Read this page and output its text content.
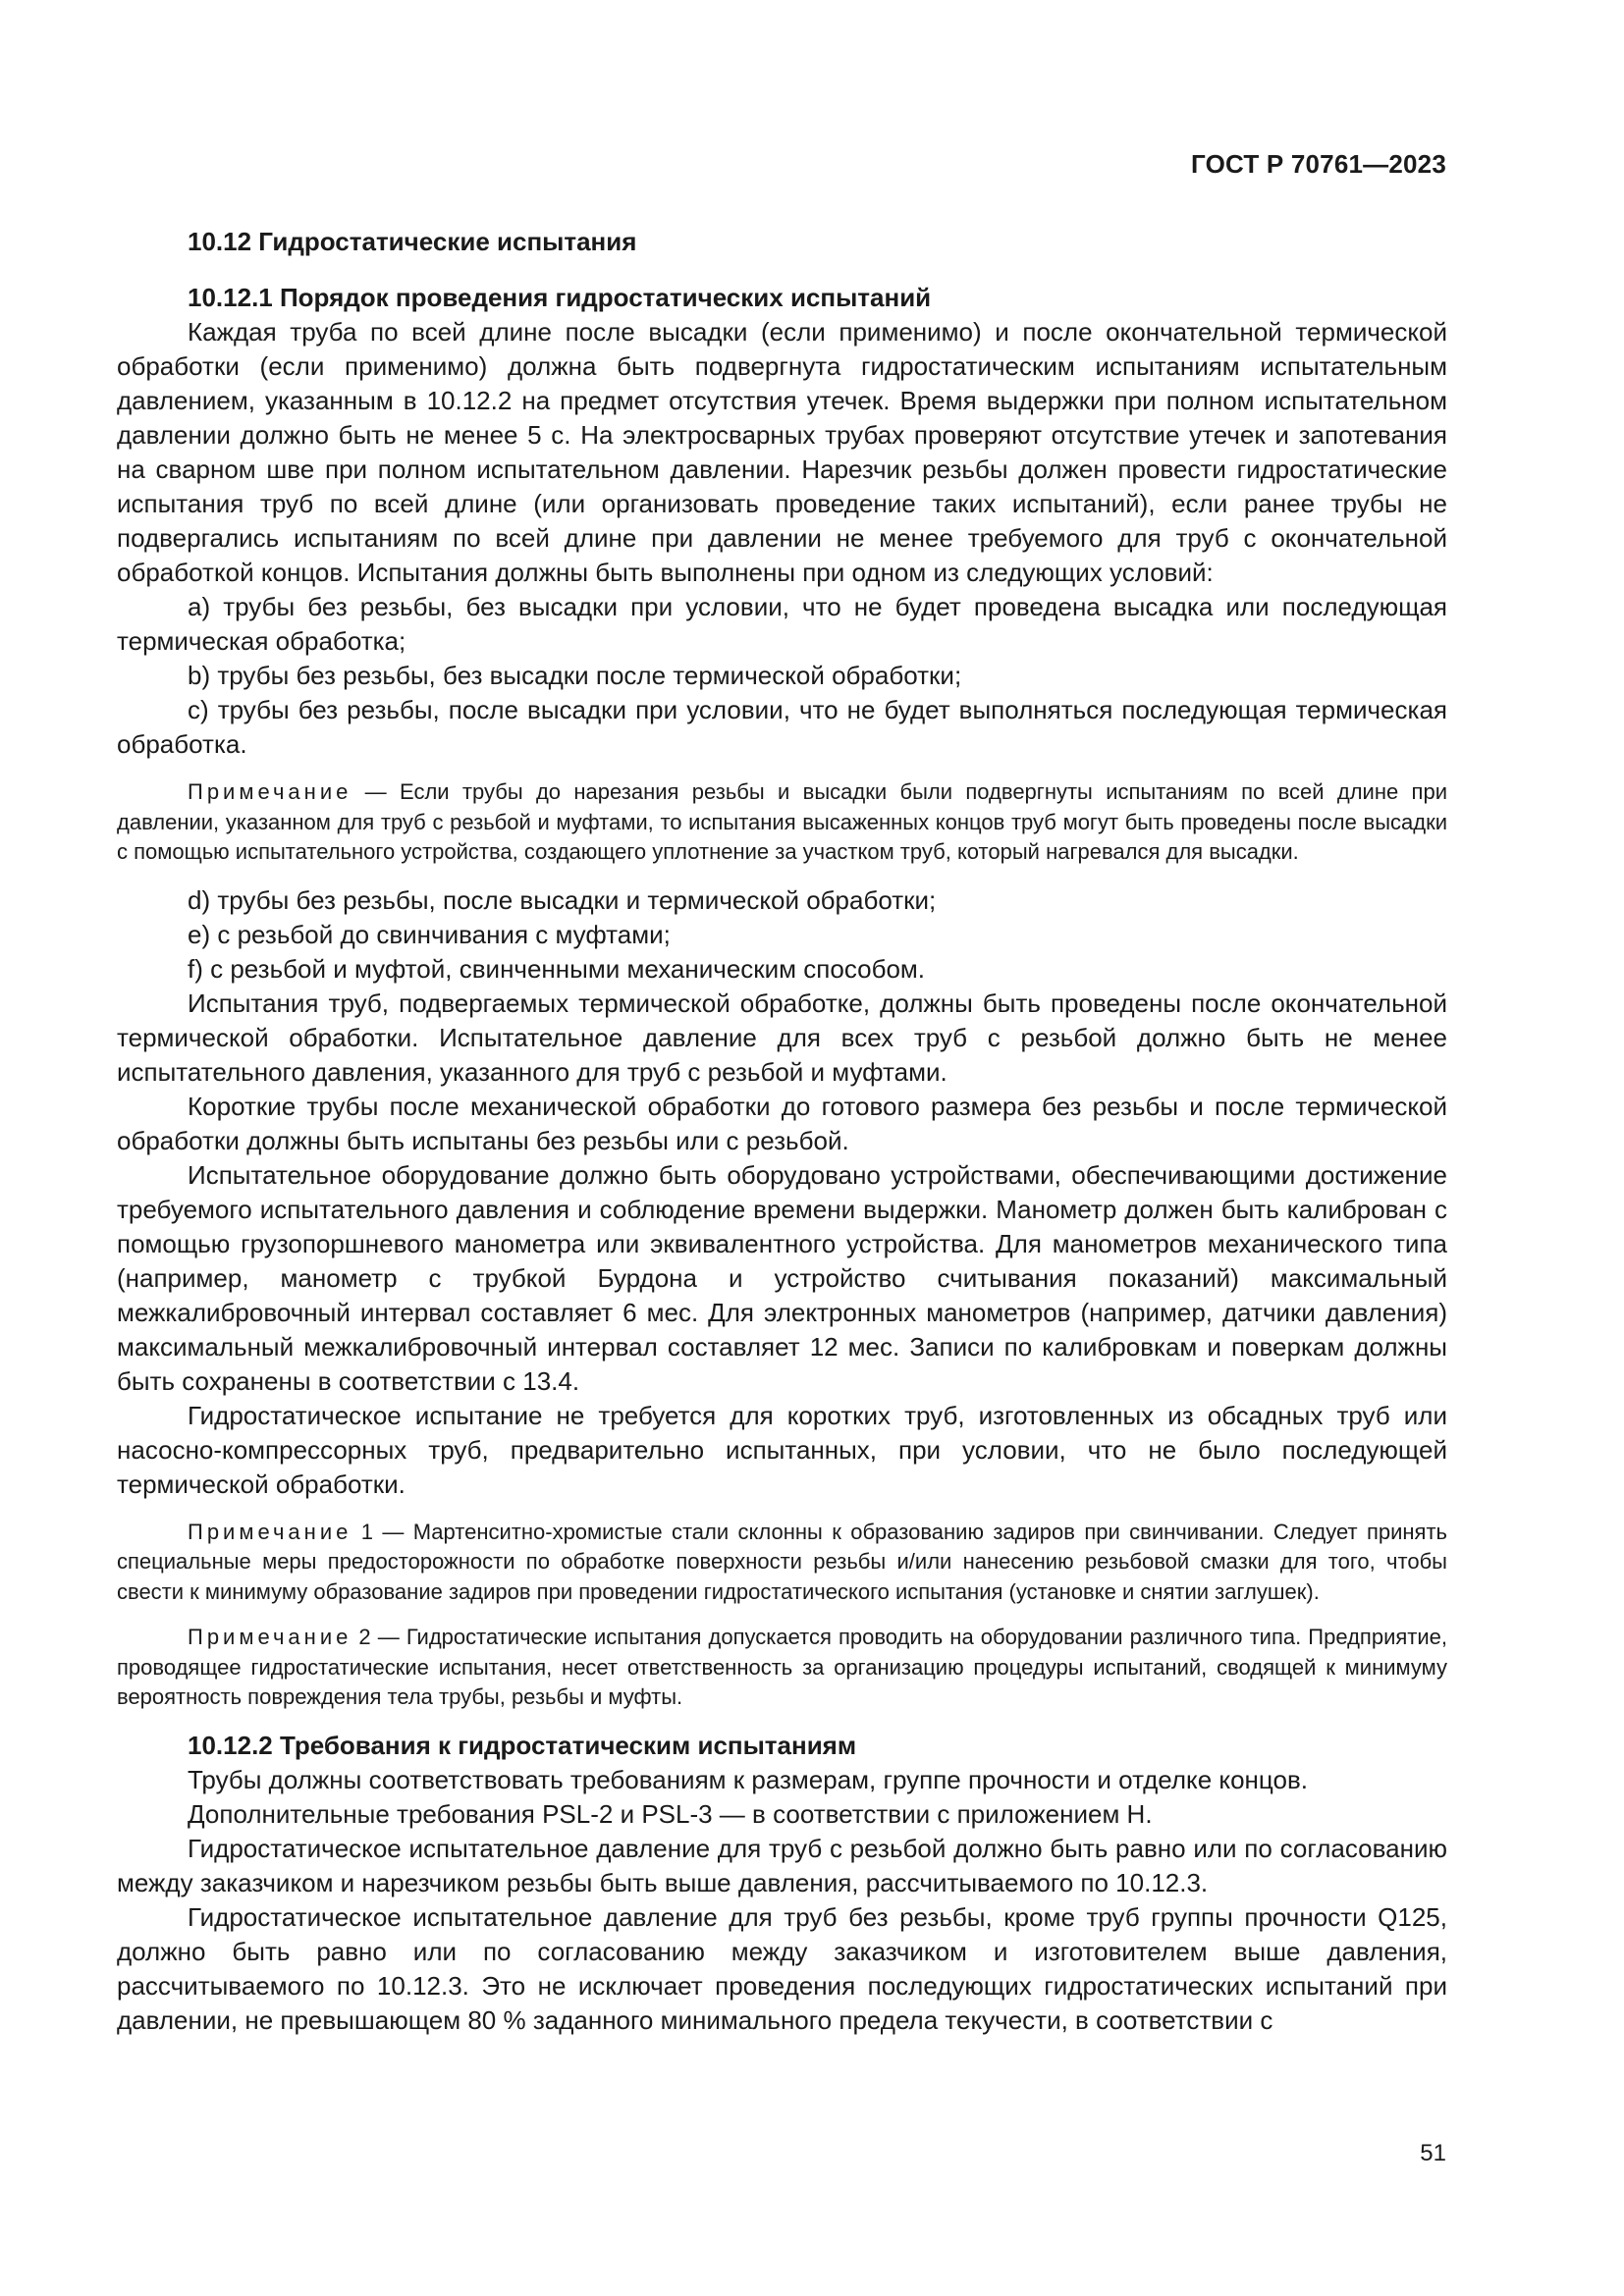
ГОСТ Р 70761—2023
10.12 Гидростатические испытания
10.12.1 Порядок проведения гидростатических испытаний

Каждая труба по всей длине после высадки (если применимо) и после окончательной термической обработки (если применимо) должна быть подвергнута гидростатическим испытаниям испытательным давлением, указанным в 10.12.2 на предмет отсутствия утечек. Время выдержки при полном испытательном давлении должно быть не менее 5 с. На электросварных трубах проверяют отсутствие утечек и запотевания на сварном шве при полном испытательном давлении. Нарезчик резьбы должен провести гидростатические испытания труб по всей длине (или организовать проведение таких испытаний), если ранее трубы не подвергались испытаниям по всей длине при давлении не менее требуемого для труб с окончательной обработкой концов. Испытания должны быть выполнены при одном из следующих условий:

a) трубы без резьбы, без высадки при условии, что не будет проведена высадка или последующая термическая обработка;

b) трубы без резьбы, без высадки после термической обработки;

c) трубы без резьбы, после высадки при условии, что не будет выполняться последующая термическая обработка.

Примечание — Если трубы до нарезания резьбы и высадки были подвергнуты испытаниям по всей длине при давлении, указанном для труб с резьбой и муфтами, то испытания высаженных концов труб могут быть проведены после высадки с помощью испытательного устройства, создающего уплотнение за участком труб, который нагревался для высадки.

d) трубы без резьбы, после высадки и термической обработки;

e) с резьбой до свинчивания с муфтами;

f) с резьбой и муфтой, свинченными механическим способом.

Испытания труб, подвергаемых термической обработке, должны быть проведены после окончательной термической обработки. Испытательное давление для всех труб с резьбой должно быть не менее испытательного давления, указанного для труб с резьбой и муфтами.

Короткие трубы после механической обработки до готового размера без резьбы и после термической обработки должны быть испытаны без резьбы или с резьбой.

Испытательное оборудование должно быть оборудовано устройствами, обеспечивающими достижение требуемого испытательного давления и соблюдение времени выдержки. Манометр должен быть калиброван с помощью грузопоршневого манометра или эквивалентного устройства. Для манометров механического типа (например, манометр с трубкой Бурдона и устройство считывания показаний) максимальный межкалибровочный интервал составляет 6 мес. Для электронных манометров (например, датчики давления) максимальный межкалибровочный интервал составляет 12 мес. Записи по калибровкам и поверкам должны быть сохранены в соответствии с 13.4.

Гидростатическое испытание не требуется для коротких труб, изготовленных из обсадных труб или насосно-компрессорных труб, предварительно испытанных, при условии, что не было последующей термической обработки.

Примечание 1 — Мартенситно-хромистые стали склонны к образованию задиров при свинчивании. Следует принять специальные меры предосторожности по обработке поверхности резьбы и/или нанесению резьбовой смазки для того, чтобы свести к минимуму образование задиров при проведении гидростатического испытания (установке и снятии заглушек).

Примечание 2 — Гидростатические испытания допускается проводить на оборудовании различного типа. Предприятие, проводящее гидростатические испытания, несет ответственность за организацию процедуры испытаний, сводящей к минимуму вероятность повреждения тела трубы, резьбы и муфты.

10.12.2 Требования к гидростатическим испытаниям

Трубы должны соответствовать требованиям к размерам, группе прочности и отделке концов.

Дополнительные требования PSL-2 и PSL-3 — в соответствии с приложением H.

Гидростатическое испытательное давление для труб с резьбой должно быть равно или по согласованию между заказчиком и нарезчиком резьбы быть выше давления, рассчитываемого по 10.12.3.

Гидростатическое испытательное давление для труб без резьбы, кроме труб группы прочности Q125, должно быть равно или по согласованию между заказчиком и изготовителем выше давления, рассчитываемого по 10.12.3. Это не исключает проведения последующих гидростатических испытаний при давлении, не превышающем 80 % заданного минимального предела текучести, в соответствии с

51
